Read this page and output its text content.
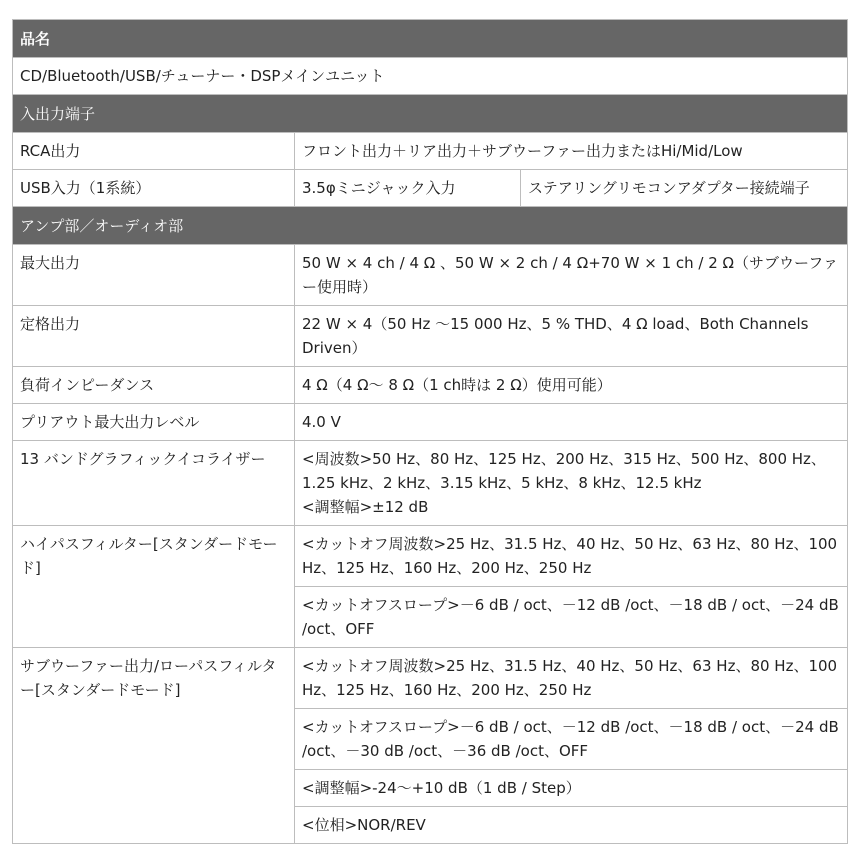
品名		
CD/Bluetooth/USB/チューナー・DSPメインユニット		
入出力端子		
RCA出力	フロント出力＋リア出力＋サブウーファー出力またはHi/Mid/Low	
USB入力（1系統）	3.5φミニジャック入力	ステアリングリモコンアダプター接続端子
アンプ部／オーディオ部		
最大出力	50 W × 4 ch / 4 Ω 、50 W × 2 ch / 4 Ω+70 W × 1 ch / 2 Ω（サブウーファー使用時）	
定格出力	22 W × 4（50 Hz ～15 000 Hz、5 % THD、4 Ω load、Both Channels Driven）	
負荷インピーダンス	4 Ω（4 Ω～ 8 Ω（1 ch時は 2 Ω）使用可能）	
プリアウト最大出力レベル	4.0 V	
13 バンドグラフィックイコライザー	<周波数>50 Hz、80 Hz、125 Hz、200 Hz、315 Hz、500 Hz、800 Hz、1.25 kHz、2 kHz、3.15 kHz、5 kHz、8 kHz、12.5 kHz
<調整幅>±12 dB	

ハイパスフィルター[スタンダードモード]	<カットオフ周波数>25 Hz、31.5 Hz、40 Hz、50 Hz、63 Hz、80 Hz、100 Hz、125 Hz、160 Hz、200 Hz、250 Hz	
	<カットオフスロープ>－6 dB / oct、－12 dB /oct、－18 dB / oct、－24 dB /oct、OFF	
サブウーファー出力/ローパスフィルター[スタンダードモード]	<カットオフ周波数>25 Hz、31.5 Hz、40 Hz、50 Hz、63 Hz、80 Hz、100 Hz、125 Hz、160 Hz、200 Hz、250 Hz	
	<カットオフスロープ>－6 dB / oct、－12 dB /oct、－18 dB / oct、－24 dB /oct、－30 dB /oct、－36 dB /oct、OFF	
	<調整幅>-24～+10 dB（1 dB / Step）	
	<位相>NOR/REV	
